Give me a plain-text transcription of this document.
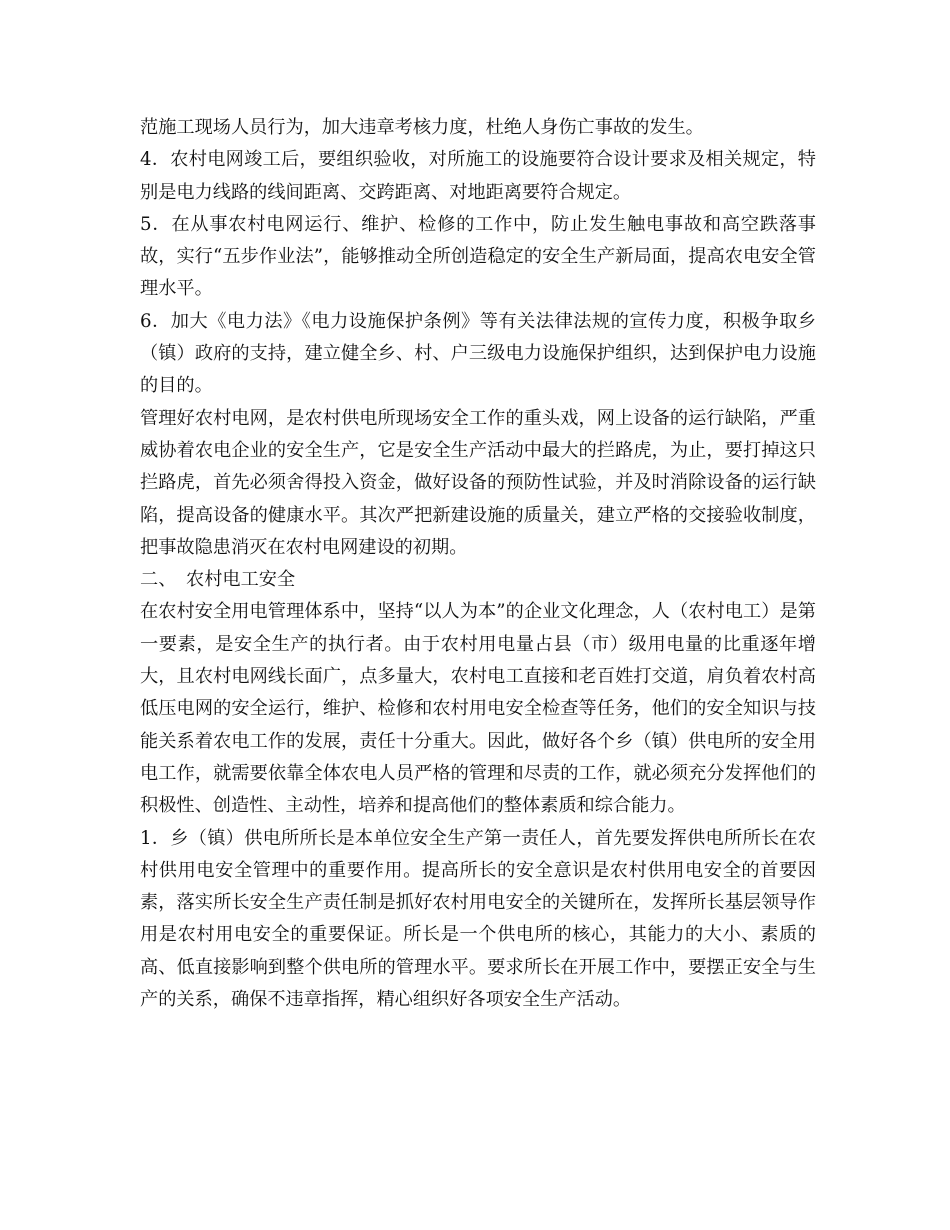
范施工现场人员行为，加大违章考核力度，杜绝人身伤亡事故的发生。

4．农村电网竣工后，要组织验收，对所施工的设施要符合设计要求及相关规定，特别是电力线路的线间距离、交跨距离、对地距离要符合规定。

5．在从事农村电网运行、维护、检修的工作中，防止发生触电事故和高空跌落事故，实行“五步作业法”，能够推动全所创造稳定的安全生产新局面，提高农电安全管理水平。

6．加大《电力法》《电力设施保护条例》等有关法律法规的宣传力度，积极争取乡（镇）政府的支持，建立健全乡、村、户三级电力设施保护组织，达到保护电力设施的目的。

管理好农村电网，是农村供电所现场安全工作的重头戏，网上设备的运行缺陷，严重威协着农电企业的安全生产，它是安全生产活动中最大的拦路虎，为止，要打掉这只拦路虎，首先必须舍得投入资金，做好设备的预防性试验，并及时消除设备的运行缺陷，提高设备的健康水平。其次严把新建设施的质量关，建立严格的交接验收制度，把事故隐患消灭在农村电网建设的初期。

二、 农村电工安全

在农村安全用电管理体系中，坚持“以人为本”的企业文化理念，人（农村电工）是第一要素，是安全生产的执行者。由于农村用电量占县（市）级用电量的比重逐年增大，且农村电网线长面广，点多量大，农村电工直接和老百姓打交道，肩负着农村高低压电网的安全运行，维护、检修和农村用电安全检查等任务，他们的安全知识与技能关系着农电工作的发展，责任十分重大。因此，做好各个乡（镇）供电所的安全用电工作，就需要依靠全体农电人员严格的管理和尽责的工作，就必须充分发挥他们的积极性、创造性、主动性，培养和提高他们的整体素质和综合能力。

1．乡（镇）供电所所长是本单位安全生产第一责任人，首先要发挥供电所所长在农村供用电安全管理中的重要作用。提高所长的安全意识是农村供用电安全的首要因素，落实所长安全生产责任制是抓好农村用电安全的关键所在，发挥所长基层领导作用是农村用电安全的重要保证。所长是一个供电所的核心，其能力的大小、素质的高、低直接影响到整个供电所的管理水平。要求所长在开展工作中，要摆正安全与生产的关系，确保不违章指挥，精心组织好各项安全生产活动。
